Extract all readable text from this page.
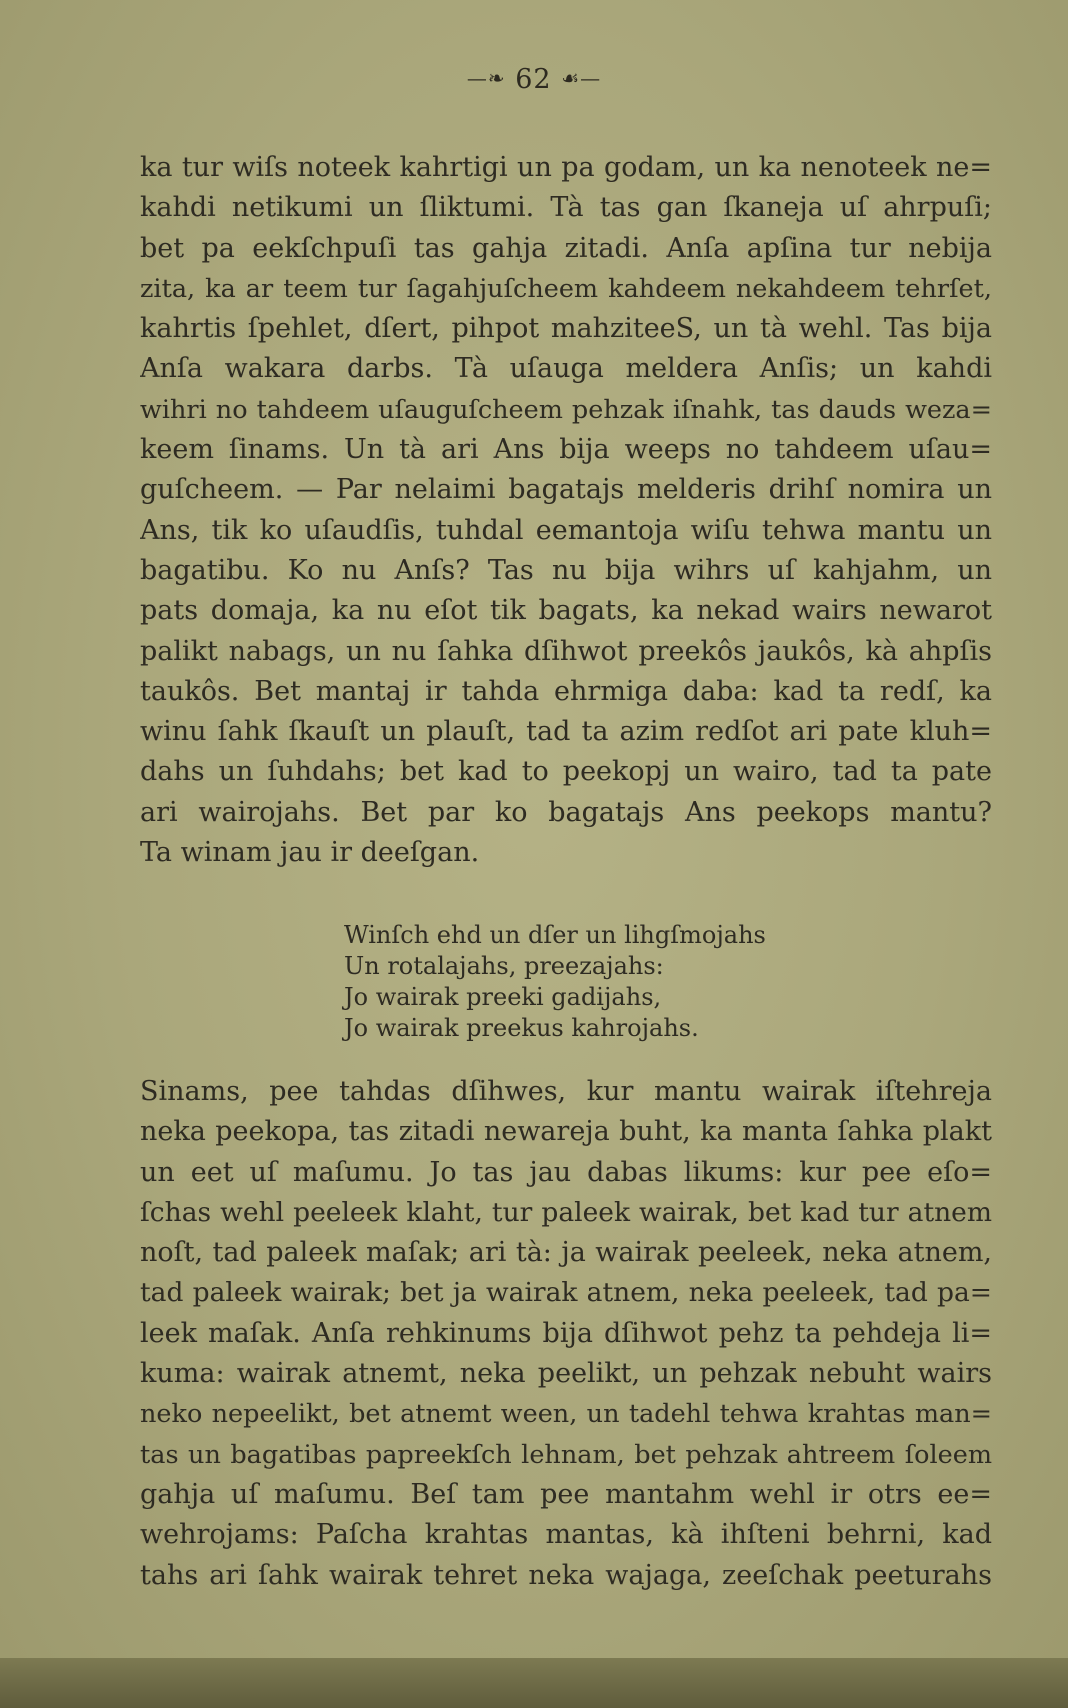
—❧ 62 ☙—
ka tur wiſs noteek kahrtigi un pa godam, un ka nenoteek ne=
kahdi netikumi un ſliktumi. Tà tas gan ſkaneja uſ ahrpuſi;
bet pa eekſchpuſi tas gahja zitadi. Anſa apſina tur nebija
zita, ka ar teem tur ſagahjuſcheem kahdeem nekahdeem tehrſet,
kahrtis ſpehlet, dſert, pihpot mahziteeS, un tà wehl. Tas bija
Anſa wakara darbs. Tà uſauga meldera Anſis; un kahdi
wihri no tahdeem uſauguſcheem pehzak iſnahk, tas dauds weza=
keem ſinams. Un tà ari Ans bija weeps no tahdeem uſau=
guſcheem. — Par nelaimi bagatajs melderis drihſ nomira un
Ans, tik ko uſaudſis, tuhdal eemantoja wiſu tehwa mantu un
bagatibu. Ko nu Anſs? Tas nu bija wihrs uſ kahjahm, un
pats domaja, ka nu eſot tik bagats, ka nekad wairs newarot
palikt nabags, un nu ſahka dſihwot preekôs jaukôs, kà ahpſis
taukôs. Bet mantaj ir tahda ehrmiga daba: kad ta redſ, ka
winu ſahk ſkauſt un plauſt, tad ta azim redſot ari pate kluh=
dahs un ſuhdahs; bet kad to peekopj un wairo, tad ta pate
ari wairojahs. Bet par ko bagatajs Ans peekops mantu?
Ta winam jau ir deeſgan.
Winſch ehd un dſer un lihgſmojahs
Un rotalajahs, preezajahs:
Jo wairak preeki gadijahs,
Jo wairak preekus kahrojahs.
Sinams, pee tahdas dſihwes, kur mantu wairak iſtehreja
neka peekopa, tas zitadi newareja buht, ka manta ſahka plakt
un eet uſ maſumu. Jo tas jau dabas likums: kur pee eſo=
ſchas wehl peeleek klaht, tur paleek wairak, bet kad tur atnem
noſt, tad paleek maſak; ari tà: ja wairak peeleek, neka atnem,
tad paleek wairak; bet ja wairak atnem, neka peeleek, tad pa=
leek maſak. Anſa rehkinums bija dſihwot pehz ta pehdeja li=
kuma: wairak atnemt, neka peelikt, un pehzak nebuht wairs
neko nepeelikt, bet atnemt ween, un tadehl tehwa krahtas man=
tas un bagatibas papreekſch lehnam, bet pehzak ahtreem ſoleem
gahja uſ maſumu. Beſ tam pee mantahm wehl ir otrs ee=
wehrojams: Paſcha krahtas mantas, kà ihſteni behrni, kad
tahs ari ſahk wairak tehret neka wajaga, zeeſchak peeturahs
